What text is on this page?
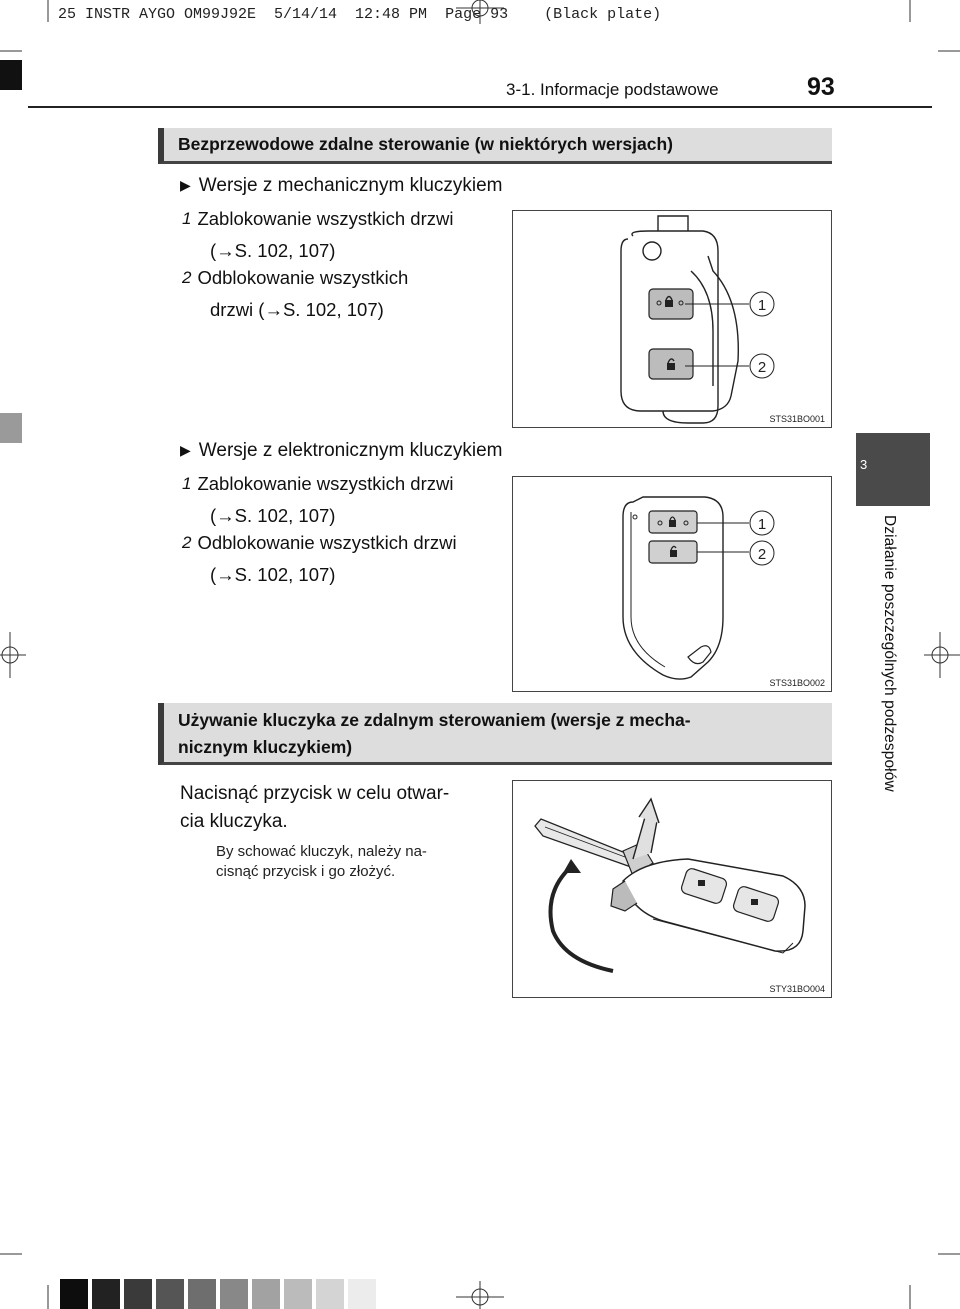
25 INSTR AYGO OM99J92E  5/14/14  12:48 PM  Page 93    (Black plate)
3-1. Informacje podstawowe	93
3
Działanie poszczególnych podzespołów
Bezprzewodowe zdalne sterowanie (w niektórych wersjach)
▶ Wersje z mechanicznym kluczykiem
1 Zablokowanie wszystkich drzwi
(→S. 102, 107)
2 Odblokowanie wszystkich
drzwi (→S. 102, 107)	1
2
STS31BO001
▶ Wersje z elektronicznym kluczykiem
1 Zablokowanie wszystkich drzwi
(→S. 102, 107)
2 Odblokowanie wszystkich drzwi
(→S. 102, 107)
1
2
STS31BO002
Używanie kluczyka ze zdalnym sterowaniem (wersje z mecha-
nicznym kluczykiem)
Nacisnąć przycisk w celu otwar-
cia kluczyka.
By schować kluczyk, należy na-
cisnąć przycisk i go złożyć.
STY31BO004
